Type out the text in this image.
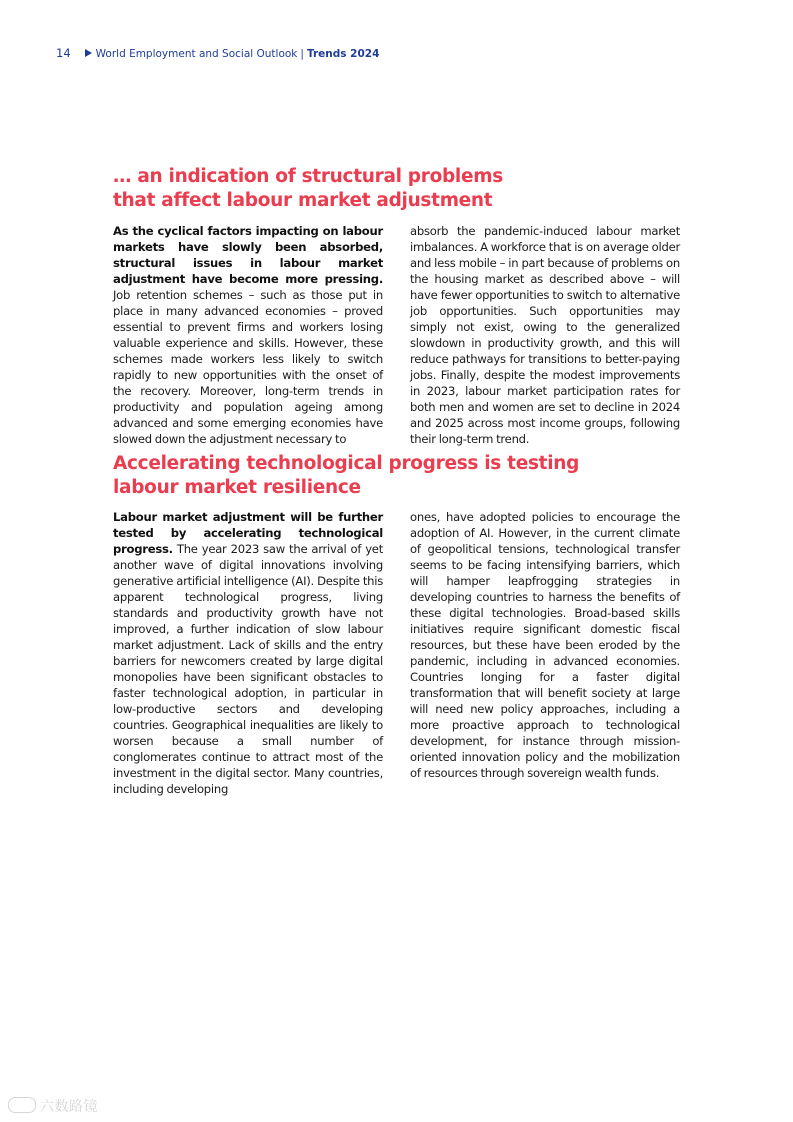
14 World Employment and Social Outlook | Trends 2024
… an indication of structural problems
that affect labour market adjustment
As the cyclical factors impacting on labour markets have slowly been absorbed, structural issues in labour market adjustment have become more pressing. Job retention schemes – such as those put in place in many advanced economies – proved essential to prevent firms and workers losing valuable experience and skills. However, these schemes made workers less likely to switch rapidly to new opportunities with the onset of the recovery. Moreover, long-term trends in productivity and population ageing among advanced and some emerging economies have slowed down the adjustment necessary to
absorb the pandemic-induced labour market imbalances. A workforce that is on average older and less mobile – in part because of problems on the housing market as described above – will have fewer opportunities to switch to alternative job opportunities. Such opportunities may simply not exist, owing to the generalized slowdown in productivity growth, and this will reduce pathways for transitions to better-paying jobs. Finally, despite the modest improvements in 2023, labour market participation rates for both men and women are set to decline in 2024 and 2025 across most income groups, following their long-term trend.
Accelerating technological progress is testing
labour market resilience
Labour market adjustment will be further tested by accelerating technological progress. The year 2023 saw the arrival of yet another wave of digital innovations involving generative artificial intelligence (AI). Despite this apparent technological progress, living standards and productivity growth have not improved, a further indication of slow labour market adjustment. Lack of skills and the entry barriers for newcomers created by large digital monopolies have been significant obstacles to faster technological adoption, in particular in low-productive sectors and developing countries. Geographical inequalities are likely to worsen because a small number of conglomerates continue to attract most of the investment in the digital sector. Many countries, including developing
ones, have adopted policies to encourage the adoption of AI. However, in the current climate of geopolitical tensions, technological transfer seems to be facing intensifying barriers, which will hamper leapfrogging strategies in developing countries to harness the benefits of these digital technologies. Broad-based skills initiatives require significant domestic fiscal resources, but these have been eroded by the pandemic, including in advanced economies. Countries longing for a faster digital transformation that will benefit society at large will need new policy approaches, including a more proactive approach to technological development, for instance through mission-oriented innovation policy and the mobilization of resources through sovereign wealth funds.
六数路镜
